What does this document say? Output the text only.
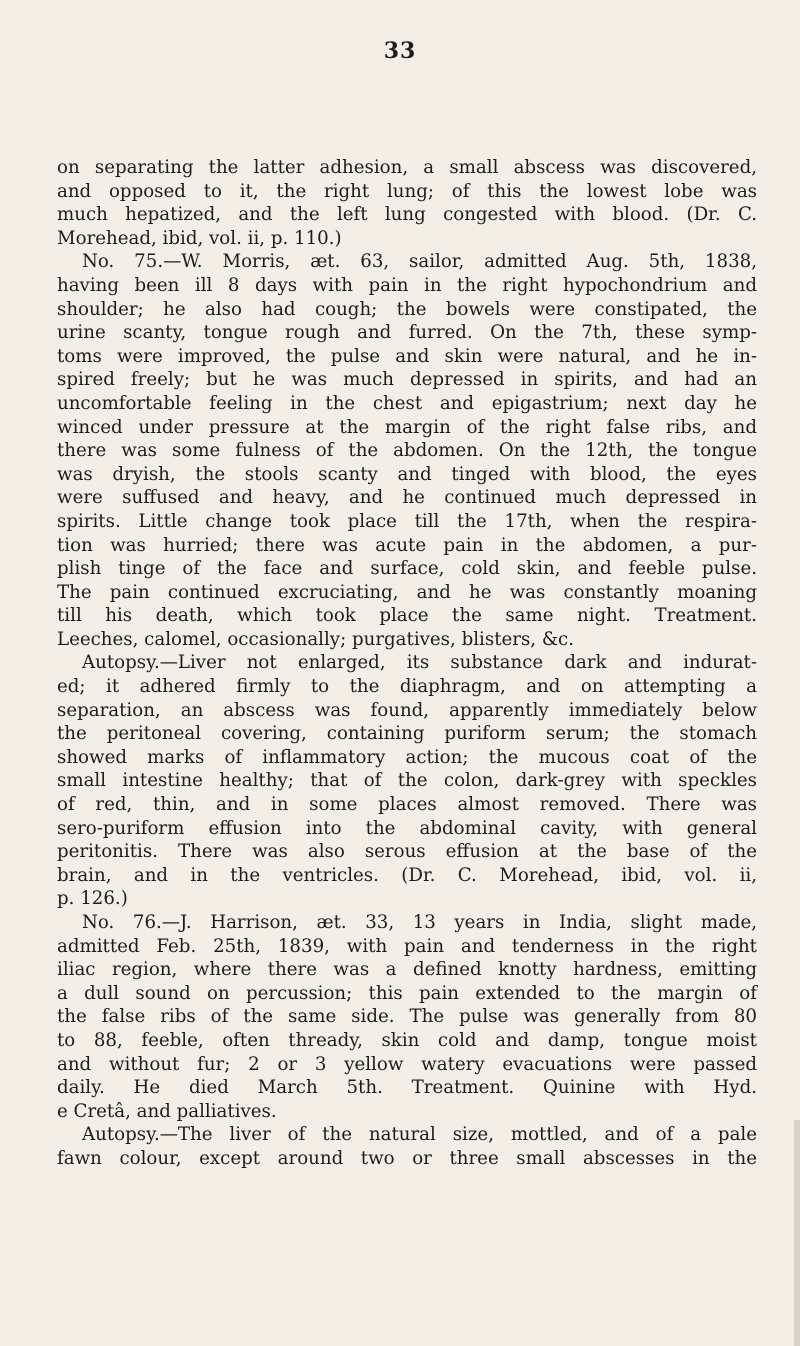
33
on separating the latter adhesion, a small abscess was discovered,
and opposed to it, the right lung; of this the lowest lobe was
much hepatized, and the left lung congested with blood. (Dr. C.
Morehead, ibid, vol. ii, p. 110.)
No. 75.—W. Morris, æt. 63, sailor, admitted Aug. 5th, 1838,
having been ill 8 days with pain in the right hypochondrium and
shoulder; he also had cough; the bowels were constipated, the
urine scanty, tongue rough and furred. On the 7th, these symp-
toms were improved, the pulse and skin were natural, and he in-
spired freely; but he was much depressed in spirits, and had an
uncomfortable feeling in the chest and epigastrium; next day he
winced under pressure at the margin of the right false ribs, and
there was some fulness of the abdomen. On the 12th, the tongue
was dryish, the stools scanty and tinged with blood, the eyes
were suffused and heavy, and he continued much depressed in
spirits. Little change took place till the 17th, when the respira-
tion was hurried; there was acute pain in the abdomen, a pur-
plish tinge of the face and surface, cold skin, and feeble pulse.
The pain continued excruciating, and he was constantly moaning
till his death, which took place the same night. Treatment.
Leeches, calomel, occasionally; purgatives, blisters, &c.
Autopsy.—Liver not enlarged, its substance dark and indurat-
ed; it adhered firmly to the diaphragm, and on attempting a
separation, an abscess was found, apparently immediately below
the peritoneal covering, containing puriform serum; the stomach
showed marks of inflammatory action; the mucous coat of the
small intestine healthy; that of the colon, dark-grey with speckles
of red, thin, and in some places almost removed. There was
sero-puriform effusion into the abdominal cavity, with general
peritonitis. There was also serous effusion at the base of the
brain, and in the ventricles. (Dr. C. Morehead, ibid, vol. ii,
p. 126.)
No. 76.—J. Harrison, æt. 33, 13 years in India, slight made,
admitted Feb. 25th, 1839, with pain and tenderness in the right
iliac region, where there was a defined knotty hardness, emitting
a dull sound on percussion; this pain extended to the margin of
the false ribs of the same side. The pulse was generally from 80
to 88, feeble, often thready, skin cold and damp, tongue moist
and without fur; 2 or 3 yellow watery evacuations were passed
daily. He died March 5th. Treatment. Quinine with Hyd.
e Cretâ, and palliatives.
Autopsy.—The liver of the natural size, mottled, and of a pale
fawn colour, except around two or three small abscesses in the
